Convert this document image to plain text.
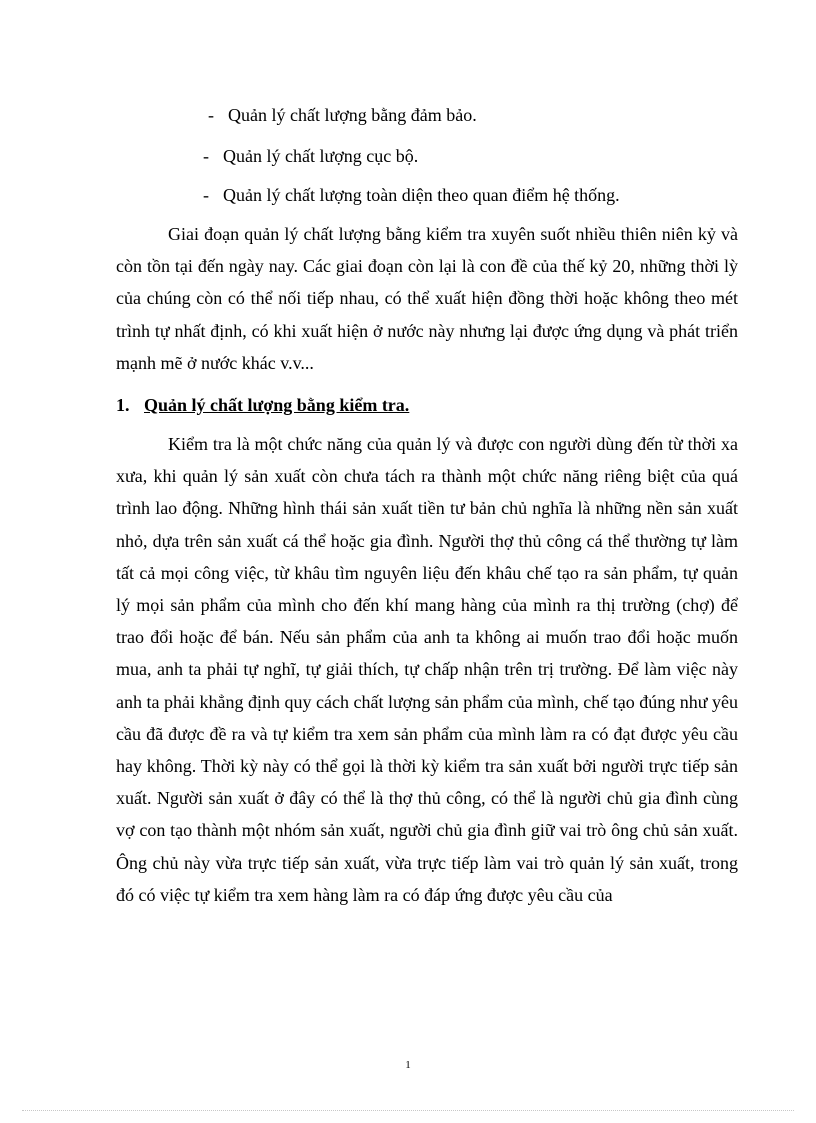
- Quản lý chất lượng bằng đảm bảo.
- Quản lý chất lượng cục bộ.
- Quản lý chất lượng toàn diện theo quan điểm hệ thống.

Giai đoạn quản lý chất lượng bằng kiểm tra xuyên suốt nhiều thiên niên kỷ và còn tồn tại đến ngày nay. Các giai đoạn còn lại là con đề của thế kỷ 20, những thời lỳ của chúng còn có thể nối tiếp nhau, có thể xuất hiện đồng thời hoặc không theo mét trình tự nhất định, có khi xuất hiện ở nước này nhưng lại được ứng dụng và phát triển mạnh mẽ ở nước khác v.v...

1. Quản lý chất lượng bằng kiểm tra.

Kiểm tra là một chức năng của quản lý và được con người dùng đến từ thời xa xưa, khi quản lý sản xuất còn chưa tách ra thành một chức năng riêng biệt của quá trình lao động. Những hình thái sản xuất tiền tư bản chủ nghĩa là những nền sản xuất nhỏ, dựa trên sản xuất cá thể hoặc gia đình. Người thợ thủ công cá thể thường tự làm tất cả mọi công việc, từ khâu tìm nguyên liệu đến khâu chế tạo ra sản phẩm, tự quản lý mọi sản phẩm của mình cho đến khí mang hàng của mình ra thị trường (chợ) để trao đổi hoặc để bán. Nếu sản phẩm của anh ta không ai muốn trao đổi hoặc muốn mua, anh ta phải tự nghĩ, tự giải thích, tự chấp nhận trên trị trường. Để làm việc này anh ta phải khẳng định quy cách chất lượng sản phẩm của mình, chế tạo đúng như yêu cầu đã được đề ra và tự kiểm tra xem sản phẩm của mình làm ra có đạt được yêu cầu hay không. Thời kỳ này có thể gọi là thời kỳ kiểm tra sản xuất bởi người trực tiếp sản xuất. Người sản xuất ở đây có thể là thợ thủ công, có thể là người chủ gia đình cùng vợ con tạo thành một nhóm sản xuất, người chủ gia đình giữ vai trò ông chủ sản xuất. Ông chủ này vừa trực tiếp sản xuất, vừa trực tiếp làm vai trò quản lý sản xuất, trong đó có việc tự kiểm tra xem hàng làm ra có đáp ứng được yêu cầu của

1
